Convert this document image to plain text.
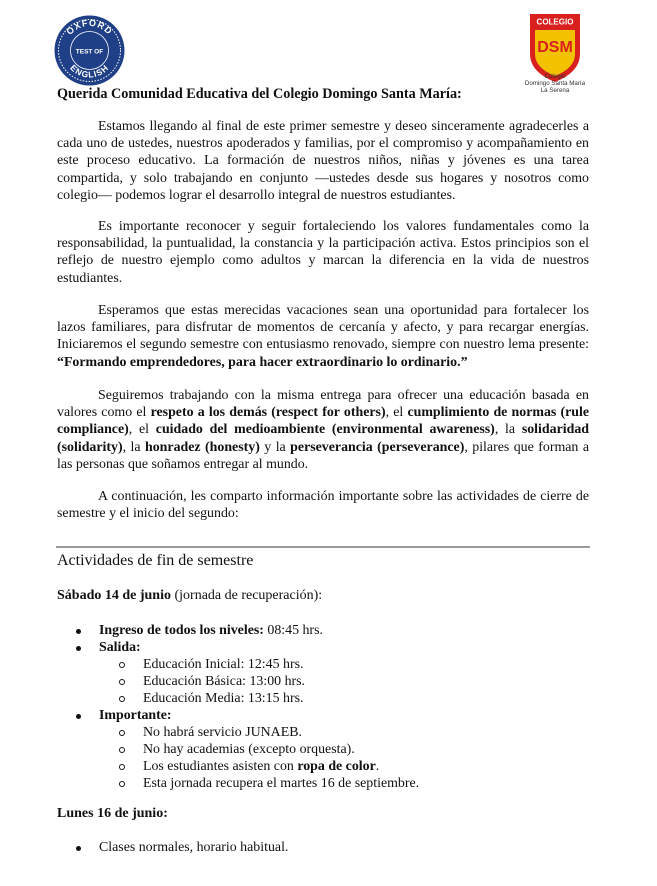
OXFORD
ENGLISH
TEST OF
COLEGIO
DSM
Colegio
Domingo Santa María
La Serena
Querida Comunidad Educativa del Colegio Domingo Santa María:

Estamos llegando al final de este primer semestre y deseo sinceramente agradecerles a cada uno de ustedes, nuestros apoderados y familias, por el compromiso y acompañamiento en este proceso educativo. La formación de nuestros niños, niñas y jóvenes es una tarea compartida, y solo trabajando en conjunto —ustedes desde sus hogares y nosotros como colegio— podemos lograr el desarrollo integral de nuestros estudiantes.

Es importante reconocer y seguir fortaleciendo los valores fundamentales como la responsabilidad, la puntualidad, la constancia y la participación activa. Estos principios son el reflejo de nuestro ejemplo como adultos y marcan la diferencia en la vida de nuestros estudiantes.

Esperamos que estas merecidas vacaciones sean una oportunidad para fortalecer los lazos familiares, para disfrutar de momentos de cercanía y afecto, y para recargar energías. Iniciaremos el segundo semestre con entusiasmo renovado, siempre con nuestro lema presente: “Formando emprendedores, para hacer extraordinario lo ordinario.”

Seguiremos trabajando con la misma entrega para ofrecer una educación basada en valores como el respeto a los demás (respect for others), el cumplimiento de normas (rule compliance), el cuidado del medioambiente (environmental awareness), la solidaridad (solidarity), la honradez (honesty) y la perseverancia (perseverance), pilares que forman a las personas que soñamos entregar al mundo.

A continuación, les comparto información importante sobre las actividades de cierre de semestre y el inicio del segundo:

Actividades de fin de semestre
Sábado 14 de junio (jornada de recuperación):
Ingreso de todos los niveles: 08:45 hrs.
Salida:
Educación Inicial: 12:45 hrs.
Educación Básica: 13:00 hrs.
Educación Media: 13:15 hrs.
Importante:
No habrá servicio JUNAEB.
No hay academias (excepto orquesta).
Los estudiantes asisten con ropa de color.
Esta jornada recupera el martes 16 de septiembre.
Lunes 16 de junio:
Clases normales, horario habitual.
